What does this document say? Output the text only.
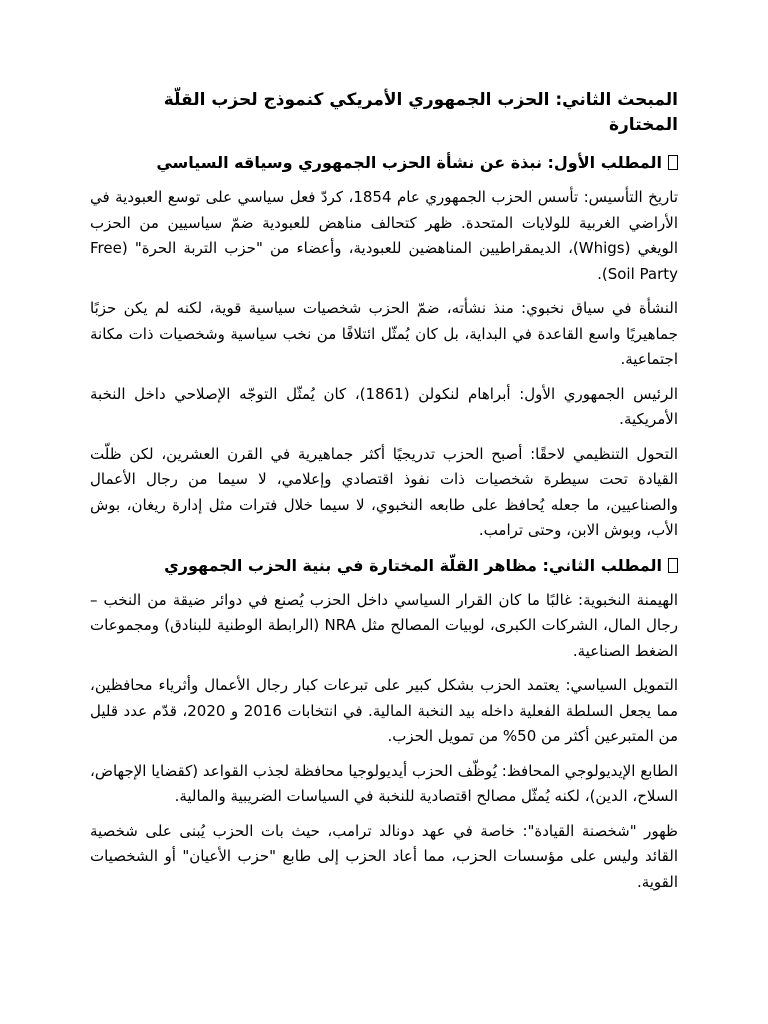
المبحث الثاني: الحزب الجمهوري الأمريكي كنموذج لحزب القلّة المختارة
المطلب الأول: نبذة عن نشأة الحزب الجمهوري وسياقه السياسي

تاريخ التأسيس: تأسس الحزب الجمهوري عام 1854، كردّ فعل سياسي على توسع العبودية في الأراضي الغربية للولايات المتحدة. ظهر كتحالف مناهض للعبودية ضمّ سياسيين من الحزب الويغي (Whigs)، الديمقراطيين المناهضين للعبودية، وأعضاء من "حزب التربة الحرة" (Free Soil Party).

النشأة في سياق نخبوي: منذ نشأته، ضمّ الحزب شخصيات سياسية قوية، لكنه لم يكن حزبًا جماهيريًا واسع القاعدة في البداية، بل كان يُمثّل ائتلافًا من نخب سياسية وشخصيات ذات مكانة اجتماعية.

الرئيس الجمهوري الأول: أبراهام لنكولن (1861)، كان يُمثّل التوجّه الإصلاحي داخل النخبة الأمريكية.

التحول التنظيمي لاحقًا: أصبح الحزب تدريجيًا أكثر جماهيرية في القرن العشرين، لكن ظلّت القيادة تحت سيطرة شخصيات ذات نفوذ اقتصادي وإعلامي، لا سيما من رجال الأعمال والصناعيين، ما جعله يُحافظ على طابعه النخبوي، لا سيما خلال فترات مثل إدارة ريغان، بوش الأب، وبوش الابن، وحتى ترامب.

المطلب الثاني: مظاهر القلّة المختارة في بنية الحزب الجمهوري

الهيمنة النخبوية: غالبًا ما كان القرار السياسي داخل الحزب يُصنع في دوائر ضيقة من النخب – رجال المال، الشركات الكبرى، لوبيات المصالح مثل NRA (الرابطة الوطنية للبنادق) ومجموعات الضغط الصناعية.

التمويل السياسي: يعتمد الحزب بشكل كبير على تبرعات كبار رجال الأعمال وأثرياء محافظين، مما يجعل السلطة الفعلية داخله بيد النخبة المالية. في انتخابات 2016 و 2020، قدّم عدد قليل من المتبرعين أكثر من 50% من تمويل الحزب.

الطابع الإيديولوجي المحافظ: يُوظّف الحزب أيديولوجيا محافظة لجذب القواعد (كقضايا الإجهاض، السلاح، الدين)، لكنه يُمثّل مصالح اقتصادية للنخبة في السياسات الضريبية والمالية.

ظهور "شخصنة القيادة": خاصة في عهد دونالد ترامب، حيث بات الحزب يُبنى على شخصية القائد وليس على مؤسسات الحزب، مما أعاد الحزب إلى طابع "حزب الأعيان" أو الشخصيات القوية.
